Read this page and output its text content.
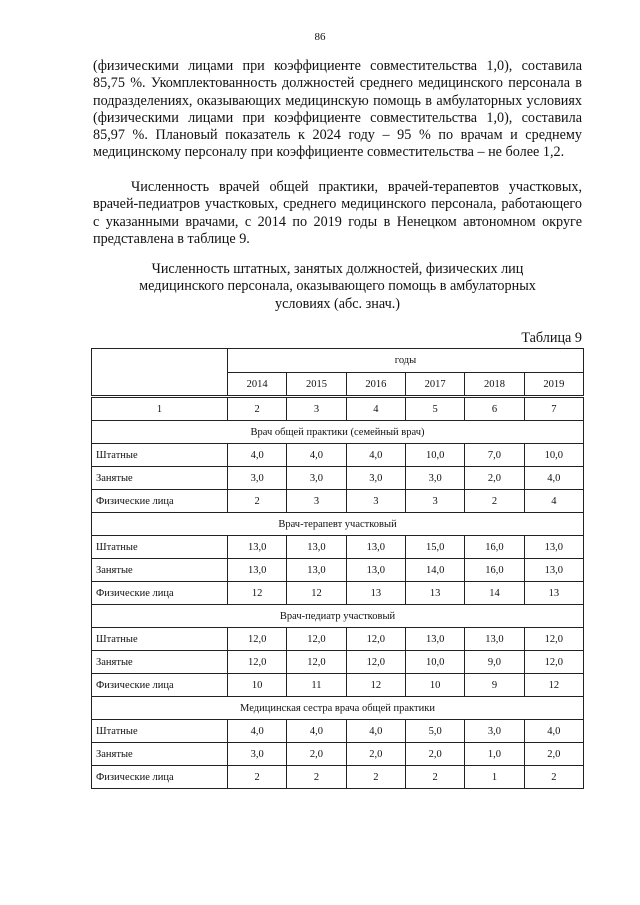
86
(физическими лицами при коэффициенте совместительства 1,0), составила 85,75 %. Укомплектованность должностей среднего медицинского персонала в подразделениях, оказывающих медицинскую помощь в амбулаторных условиях (физическими лицами при коэффициенте совместительства 1,0), составила 85,97 %. Плановый показатель к 2024 году – 95 % по врачам и среднему медицинскому персоналу при коэффициенте совместительства – не более 1,2.
Численность врачей общей практики, врачей-терапевтов участковых, врачей-педиатров участковых, среднего медицинского персонала, работающего с указанными врачами, с 2014 по 2019 годы в Ненецком автономном округе представлена в таблице 9.
Численность штатных, занятых должностей, физических лиц
медицинского персонала, оказывающего помощь в амбулаторных
условиях (абс. знач.)
Таблица 9
	годы					
	2014	2015	2016	2017	2018	2019
1	2	3	4	5	6	7
Врач общей практики (семейный врач)						
Штатные	4,0	4,0	4,0	10,0	7,0	10,0
Занятые	3,0	3,0	3,0	3,0	2,0	4,0
Физические лица	2	3	3	3	2	4
Врач-терапевт участковый						
Штатные	13,0	13,0	13,0	15,0	16,0	13,0
Занятые	13,0	13,0	13,0	14,0	16,0	13,0
Физические лица	12	12	13	13	14	13
Врач-педиатр участковый						
Штатные	12,0	12,0	12,0	13,0	13,0	12,0
Занятые	12,0	12,0	12,0	10,0	9,0	12,0
Физические лица	10	11	12	10	9	12
Медицинская сестра врача общей практики						
Штатные	4,0	4,0	4,0	5,0	3,0	4,0
Занятые	3,0	2,0	2,0	2,0	1,0	2,0
Физические лица	2	2	2	2	1	2
